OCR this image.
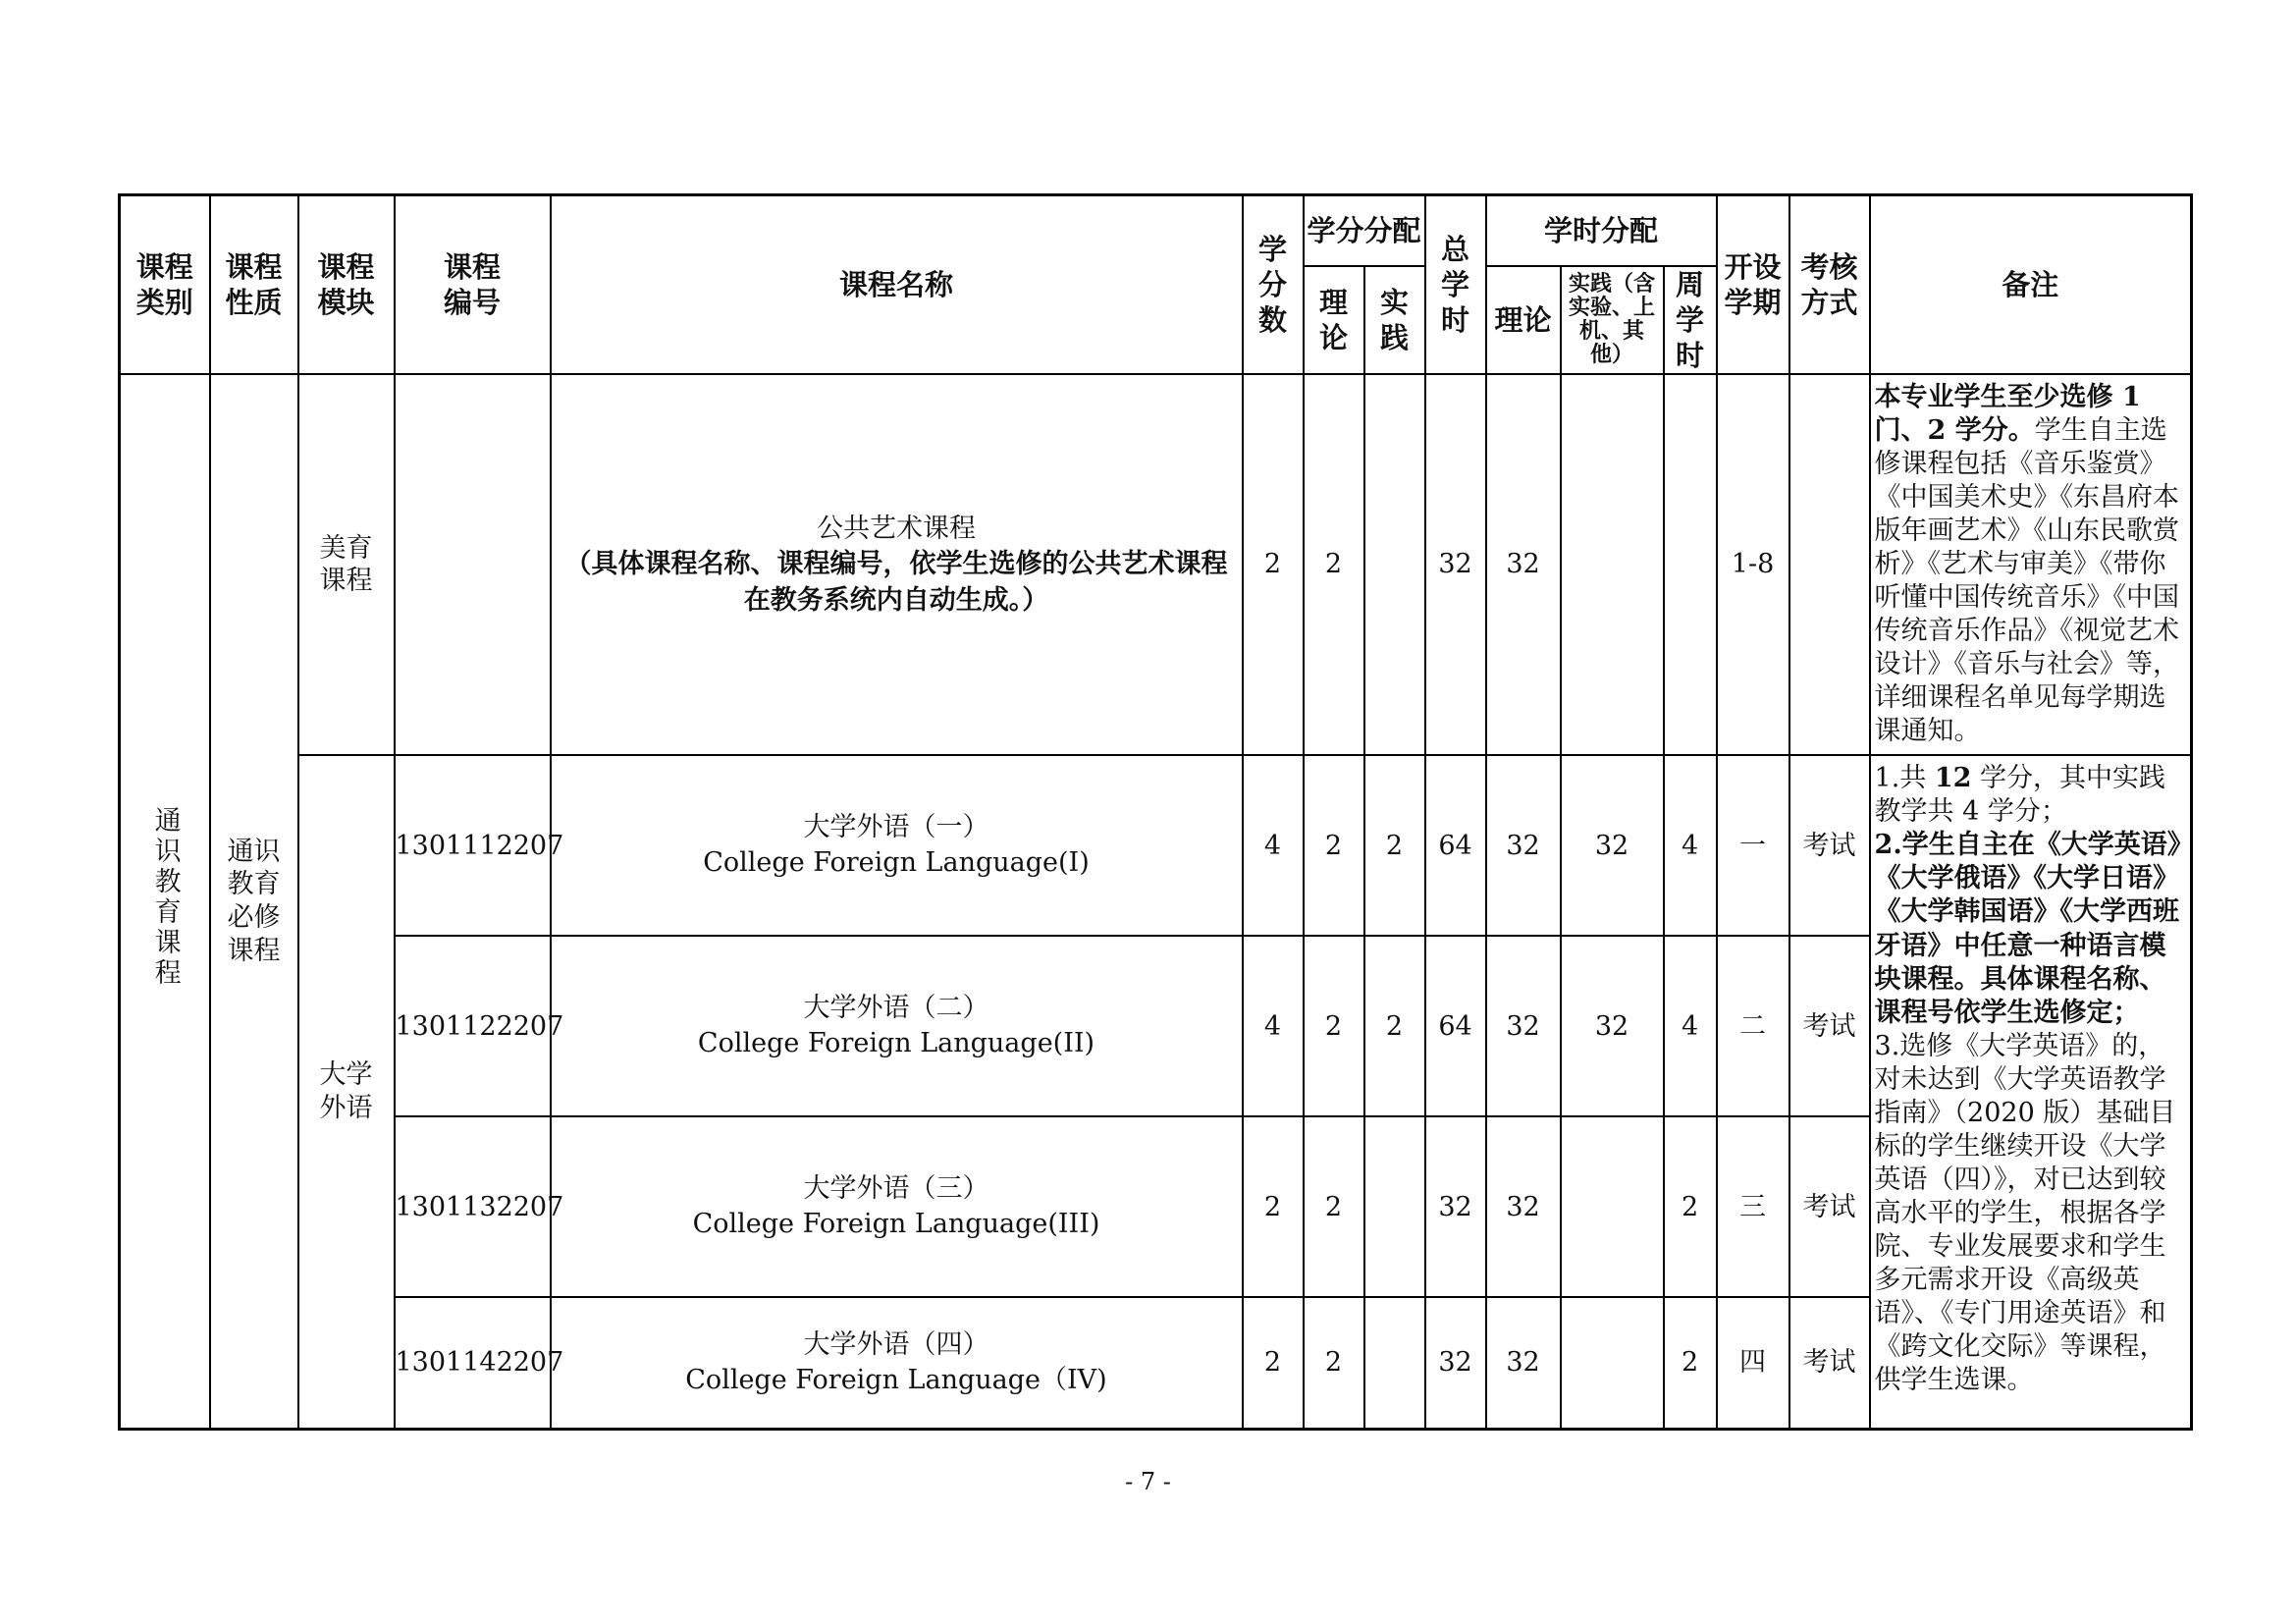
课程类别	课程性质	课程模块	课程编号	课程名称	学分数	学分分配		总学时	学时分配			开设学期	考核方式	备注
						理论	实践		理论	实践（含实验、上机、其他）	周学时			
通识教育课程	通识教育必修课程	美育课程		公共艺术课程
（具体课程名称、课程编号，依学生选修的公共艺术课程在教务系统内自动生成。）	2	2		32	32			1-8		本专业学生至少选修 1 门、2 学分。学生自主选修课程包括《音乐鉴赏》《中国美术史》《东昌府本版年画艺术》《山东民歌赏析》《艺术与审美》《带你听懂中国传统音乐》《中国传统音乐作品》《视觉艺术设计》《音乐与社会》等，详细课程名单见每学期选课通知。
		大学外语	1301112207	大学外语（一）
College Foreign Language(I)	4	2	2	64	32	32	4	一	考试	1.共 12 学分，其中实践教学共 4 学分；
2.学生自主在《大学英语》《大学俄语》《大学日语》《大学韩国语》《大学西班牙语》中任意一种语言模块课程。具体课程名称、课程号依学生选修定；
3.选修《大学英语》的，对未达到《大学英语教学指南》（2020 版）基础目标的学生继续开设《大学英语（四）》，对已达到较高水平的学生，根据各学院、专业发展要求和学生多元需求开设《高级英语》、《专门用途英语》和《跨文化交际》等课程，供学生选课。
			1301122207	大学外语（二）
College Foreign Language(II)	4	2	2	64	32	32	4	二	考试	
			1301132207	大学外语（三）
College Foreign Language(III)	2	2		32	32		2	三	考试	
			1301142207	大学外语（四）
College Foreign Language（IV)	2	2		32	32		2	四	考试	
- 7 -
